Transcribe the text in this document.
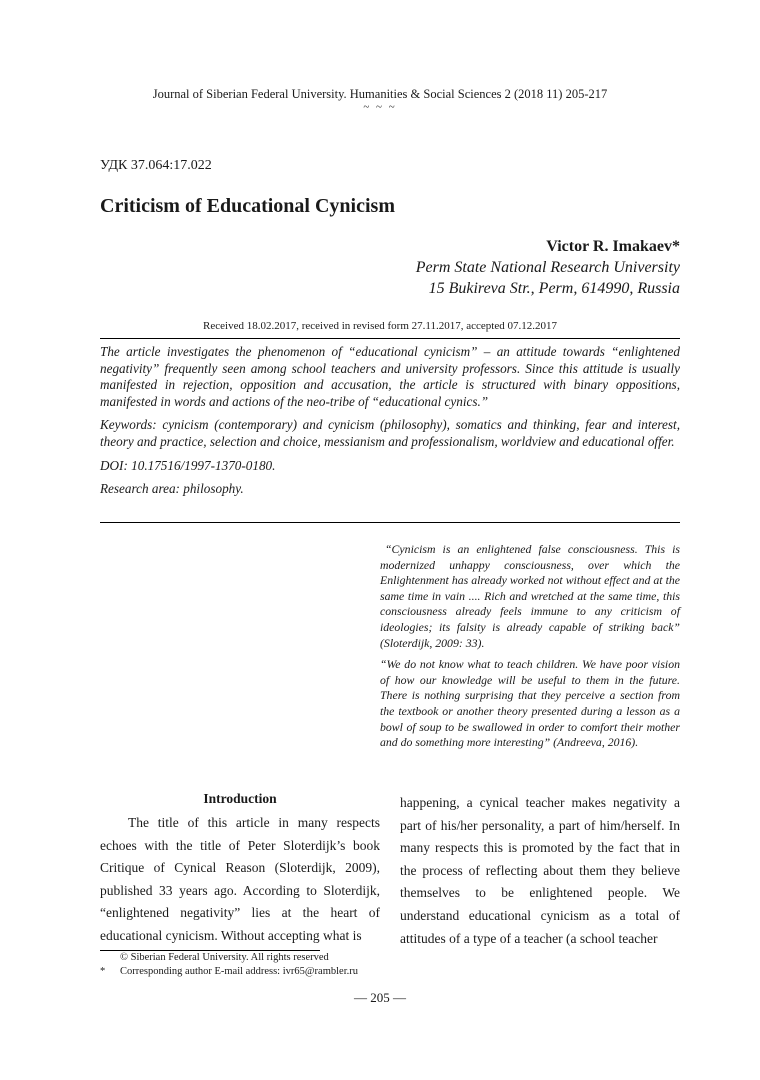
Journal of Siberian Federal University. Humanities & Social Sciences 2 (2018 11) 205-217
~ ~ ~
УДК 37.064:17.022
Criticism of Educational Cynicism
Victor R. Imakaev*
Perm State National Research University
15 Bukireva Str., Perm, 614990, Russia
Received 18.02.2017, received in revised form 27.11.2017, accepted 07.12.2017

The article investigates the phenomenon of “educational cynicism” – an attitude towards “enlightened negativity” frequently seen among school teachers and university professors. Since this attitude is usually manifested in rejection, opposition and accusation, the article is structured with binary oppositions, manifested in words and actions of the neo-tribe of “educational cynics.”

Keywords: cynicism (contemporary) and cynicism (philosophy), somatics and thinking, fear and interest, theory and practice, selection and choice, messianism and professionalism, worldview and educational offer.

DOI: 10.17516/1997-1370-0180.

Research area: philosophy.

“Cynicism is an enlightened false consciousness. This is modernized unhappy consciousness, over which the Enlightenment has already worked not without effect and at the same time in vain .... Rich and wretched at the same time, this consciousness already feels immune to any criticism of ideologies; its falsity is already capable of striking back” (Sloterdijk, 2009: 33).

“We do not know what to teach children. We have poor vision of how our knowledge will be useful to them in the future. There is nothing surprising that they perceive a section from the textbook or another theory presented during a lesson as a bowl of soup to be swallowed in order to comfort their mother and do something more interesting” (Andreeva, 2016).

Introduction

The title of this article in many respects echoes with the title of Peter Sloterdijk’s book Critique of Cynical Reason (Sloterdijk, 2009), published 33 years ago. According to Sloterdijk, “enlightened negativity” lies at the heart of educational cynicism. Without accepting what is

happening, a cynical teacher makes negativity a part of his/her personality, a part of him/herself. In many respects this is promoted by the fact that in the process of reflecting about them they believe themselves to be enlightened people. We understand educational cynicism as a total of attitudes of a type of a teacher (a school teacher

© Siberian Federal University. All rights reserved
* Corresponding author E-mail address: ivr65@rambler.ru
— 205 —
